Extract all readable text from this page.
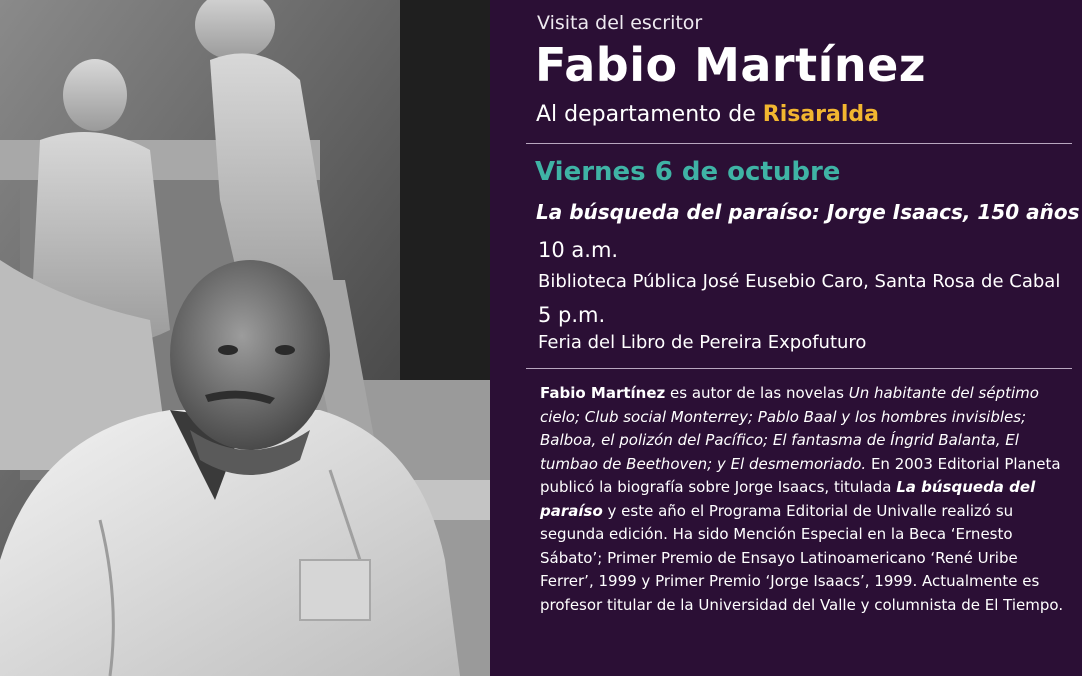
Visita del escritor
Fabio Martínez
Al departamento de Risaralda
Viernes 6 de octubre
La búsqueda del paraíso: Jorge Isaacs, 150 años
10 a.m.
Biblioteca Pública José Eusebio Caro, Santa Rosa de Cabal
5 p.m.
Feria del Libro de Pereira Expofuturo
Fabio Martínez es autor de las novelas Un habitante del séptimo cielo; Club social Monterrey; Pablo Baal y los hombres invisibles; Balboa, el polizón del Pacífico; El fantasma de Íngrid Balanta, El tumbao de Beethoven; y El desmemoriado. En 2003 Editorial Planeta publicó la biografía sobre Jorge Isaacs, titulada La búsqueda del paraíso y este año el Programa Editorial de Univalle realizó su segunda edición. Ha sido Mención Especial en la Beca ‘Ernesto Sábato’; Primer Premio de Ensayo Latinoamericano ‘René Uribe Ferrer’, 1999 y Primer Premio ‘Jorge Isaacs’, 1999. Actualmente es profesor titular de la Universidad del Valle y columnista de El Tiempo.
